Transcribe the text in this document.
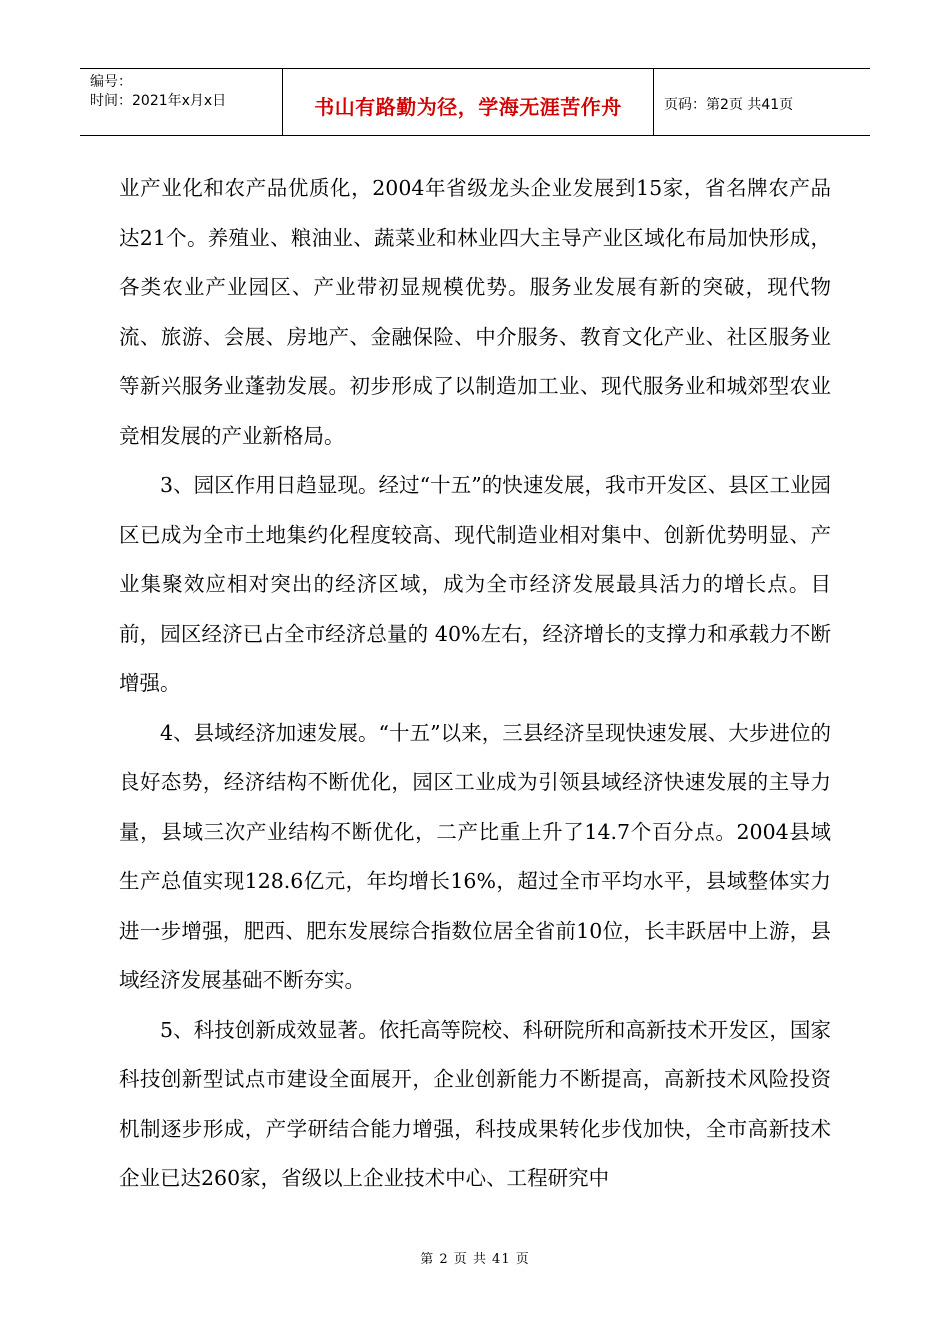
编号：
时间：2021年x月x日	书山有路勤为径，学海无涯苦作舟	页码：第2页 共41页

业产业化和农产品优质化，2004年省级龙头企业发展到15家，省名牌农产品达21个。养殖业、粮油业、蔬菜业和林业四大主导产业区域化布局加快形成，各类农业产业园区、产业带初显规模优势。服务业发展有新的突破，现代物流、旅游、会展、房地产、金融保险、中介服务、教育文化产业、社区服务业等新兴服务业蓬勃发展。初步形成了以制造加工业、现代服务业和城郊型农业竞相发展的产业新格局。

3、园区作用日趋显现。经过“十五”的快速发展，我市开发区、县区工业园区已成为全市土地集约化程度较高、现代制造业相对集中、创新优势明显、产业集聚效应相对突出的经济区域，成为全市经济发展最具活力的增长点。目前，园区经济已占全市经济总量的 40%左右，经济增长的支撑力和承载力不断增强。

4、县域经济加速发展。“十五”以来，三县经济呈现快速发展、大步进位的良好态势，经济结构不断优化，园区工业成为引领县域经济快速发展的主导力量，县域三次产业结构不断优化，二产比重上升了14.7个百分点。2004县域生产总值实现128.6亿元，年均增长16%，超过全市平均水平，县域整体实力进一步增强，肥西、肥东发展综合指数位居全省前10位，长丰跃居中上游，县域经济发展基础不断夯实。

5、科技创新成效显著。依托高等院校、科研院所和高新技术开发区，国家科技创新型试点市建设全面展开，企业创新能力不断提高，高新技术风险投资机制逐步形成，产学研结合能力增强，科技成果转化步伐加快，全市高新技术企业已达260家，省级以上企业技术中心、工程研究中

第 2 页 共 41 页
